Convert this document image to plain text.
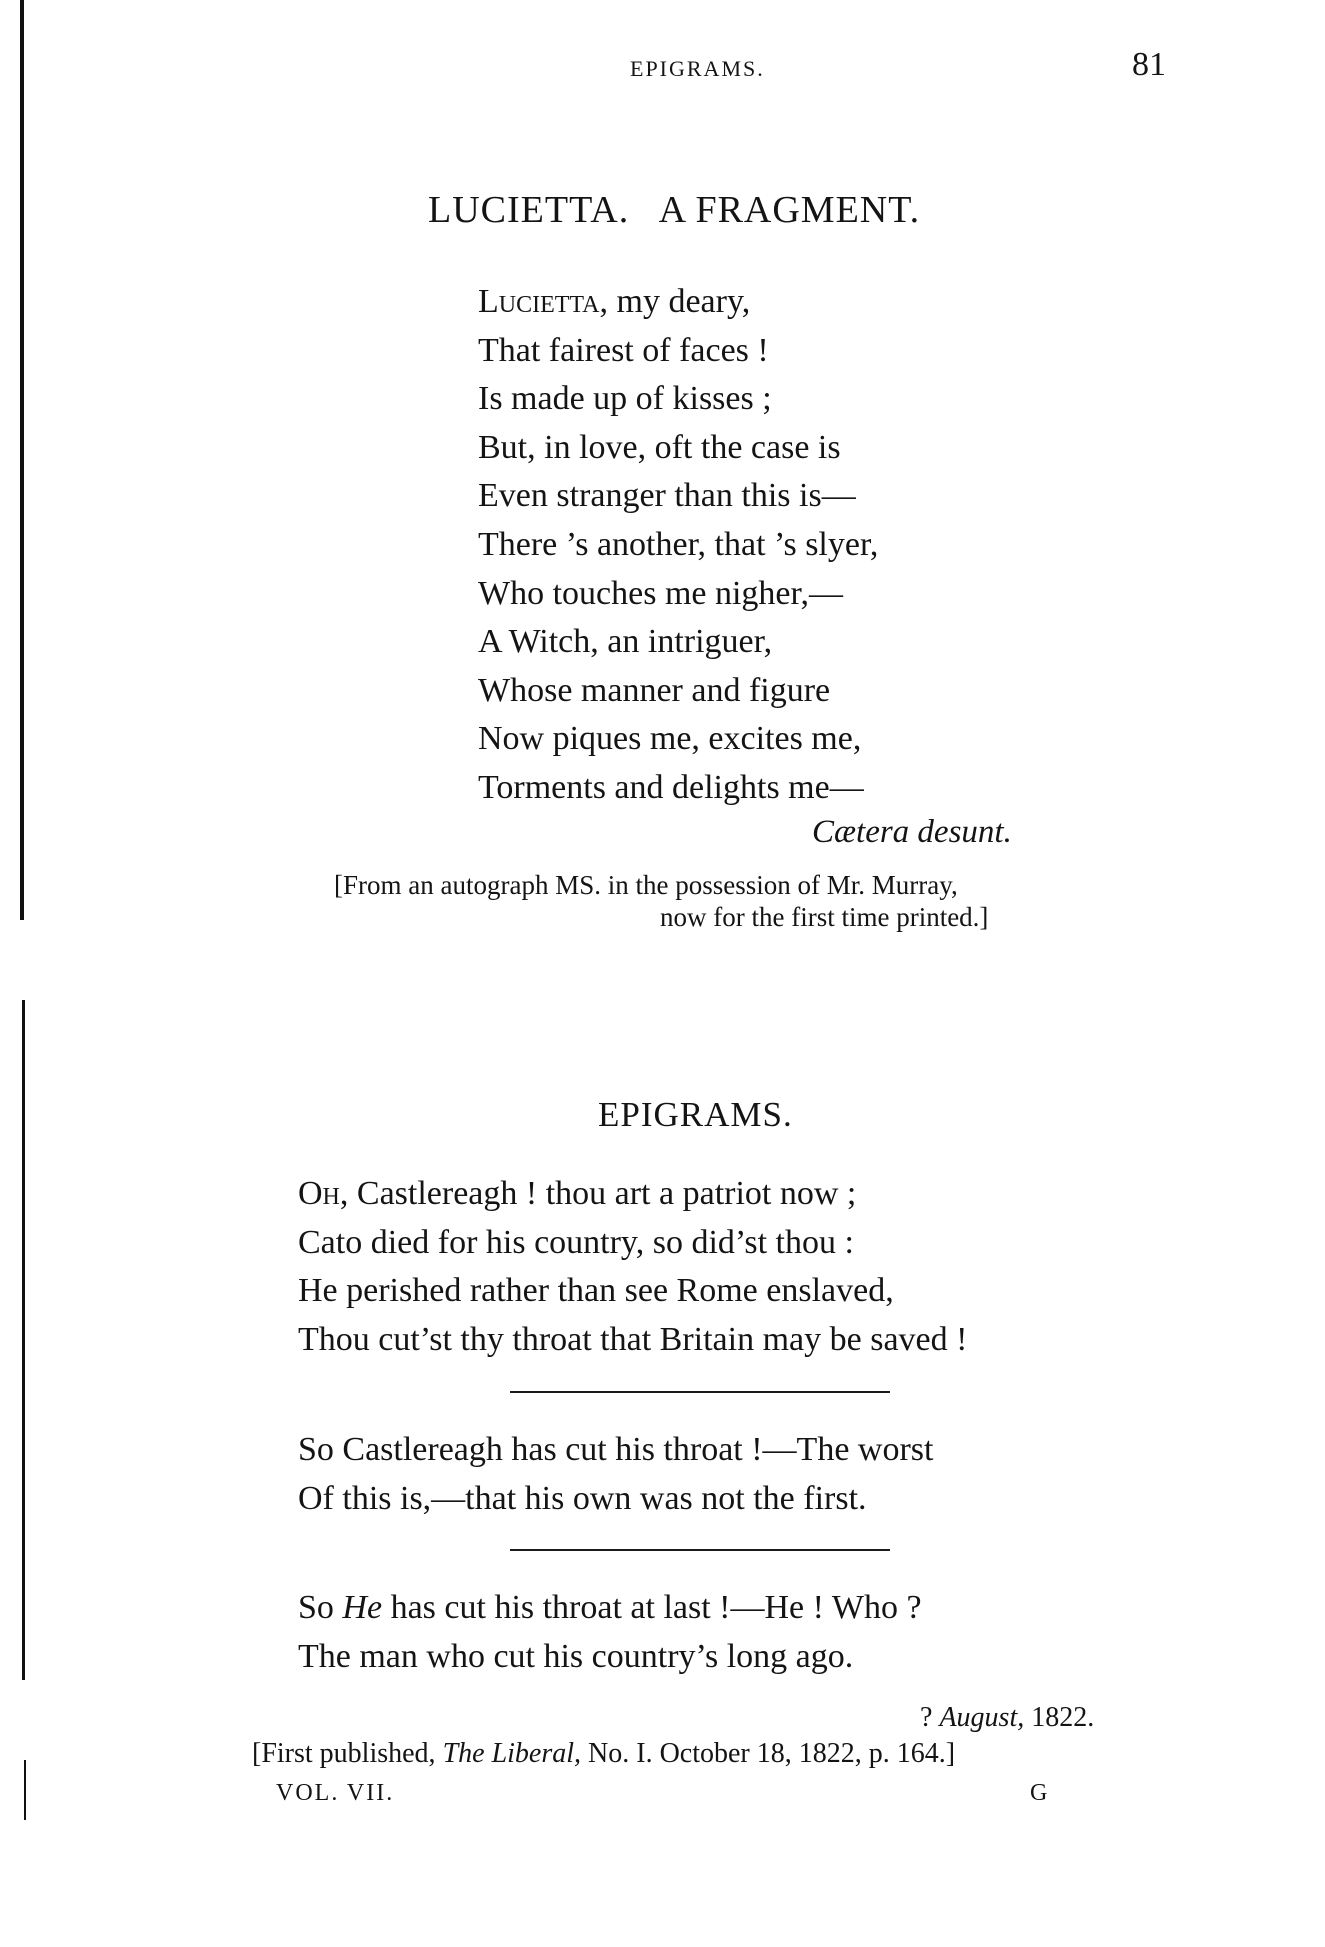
EPIGRAMS.	81
LUCIETTA.   A FRAGMENT.
Lucietta, my deary,
That fairest of faces !
Is made up of kisses ;
But, in love, oft the case is
Even stranger than this is—
There ’s another, that ’s slyer,
Who touches me nigher,—
A Witch, an intriguer,
Whose manner and figure
Now piques me, excites me,
Torments and delights me—
Cætera desunt.
[From an autograph MS. in the possession of Mr. Murray,
now for the first time printed.]
EPIGRAMS.
Oh, Castlereagh ! thou art a patriot now ;
Cato died for his country, so did’st thou :
He perished rather than see Rome enslaved,
Thou cut’st thy throat that Britain may be saved !
So Castlereagh has cut his throat !—The worst
Of this is,—that his own was not the first.
So He has cut his throat at last !—He ! Who ?
The man who cut his country’s long ago.
? August, 1822.
[First published, The Liberal, No. I. October 18, 1822, p. 164.]
VOL. VII.	G
